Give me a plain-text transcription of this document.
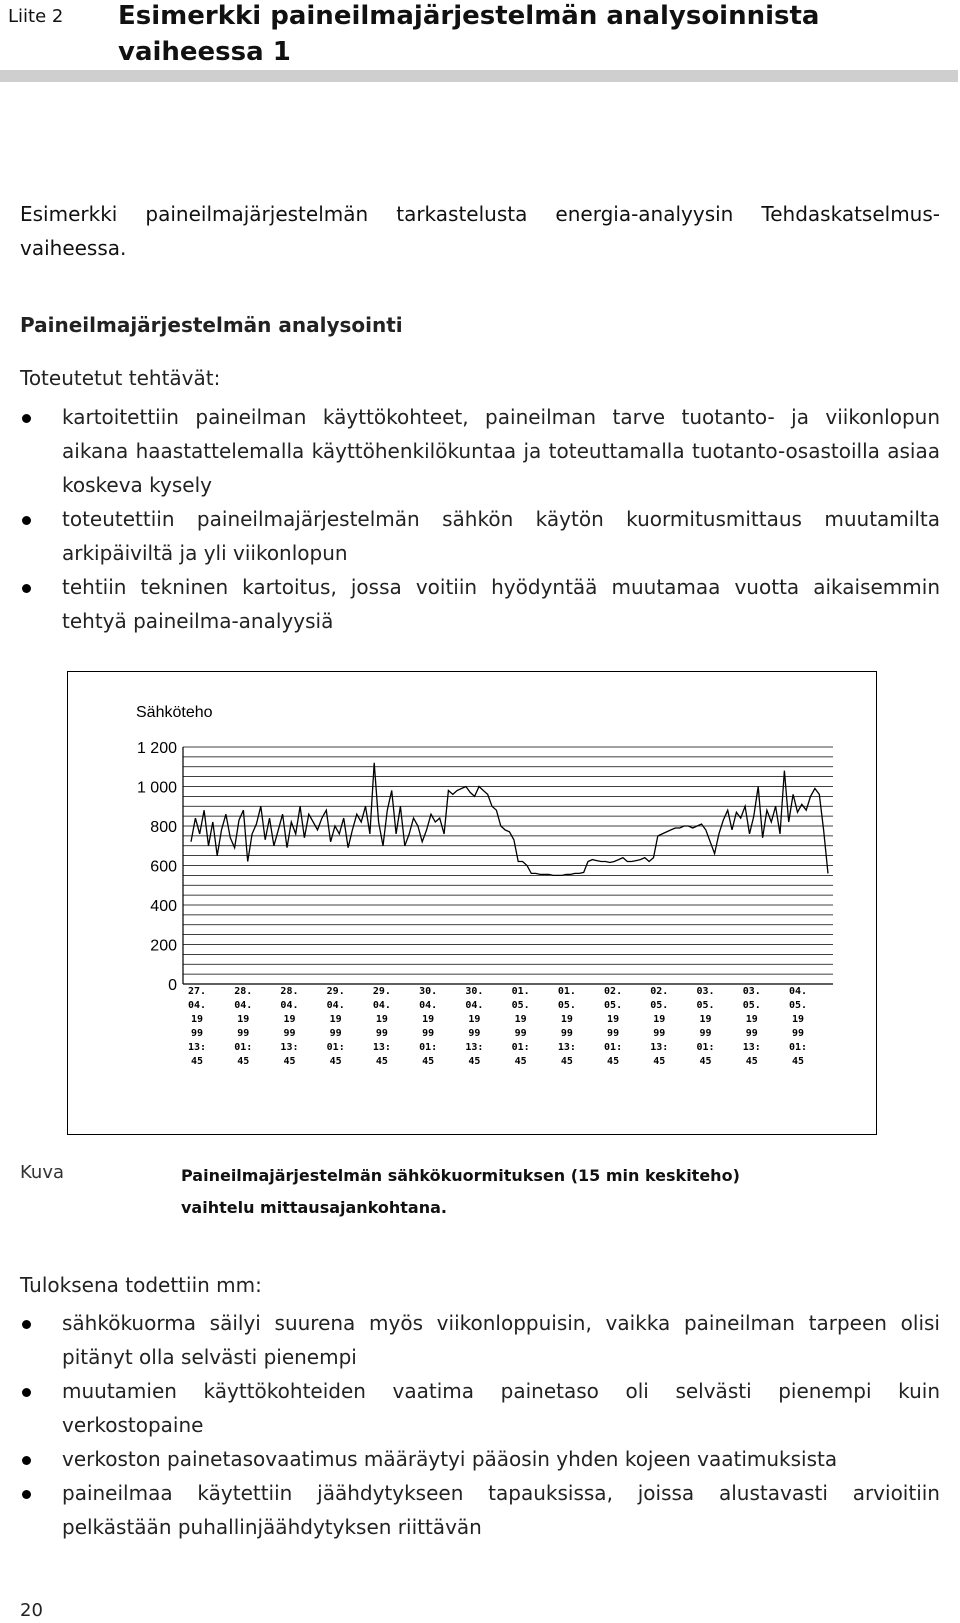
Liite 2 Esimerkki paineilmajärjestelmän analysoinnista vaiheessa 1
Esimerkki paineilmajärjestelmän tarkastelusta energia-analyysin Tehdaskatselmus-vaiheessa.
Paineilmajärjestelmän analysointi
Toteutetut tehtävät:
kartoitettiin paineilman käyttökohteet, paineilman tarve tuotanto- ja viikonlopun aikana haastattelemalla käyttöhenkilökuntaa ja toteuttamalla tuotanto-osastoilla asiaa koskeva kysely
toteutettiin paineilmajärjestelmän sähkön käytön kuormitusmittaus muutamilta arkipäiviltä ja yli viikonlopun
tehtiin tekninen kartoitus, jossa voitiin hyödyntää muutamaa vuotta aikaisemmin tehtyä paineilma-analyysiä
Sähköteho
0
200
400
600
800
1 000
1 200
27.
04.
19
99
13:
45
28.
04.
19
99
01:
45
28.
04.
19
99
13:
45
29.
04.
19
99
01:
45
29.
04.
19
99
13:
45
30.
04.
19
99
01:
45
30.
04.
19
99
13:
45
01.
05.
19
99
01:
45
01.
05.
19
99
13:
45
02.
05.
19
99
01:
45
02.
05.
19
99
13:
45
03.
05.
19
99
01:
45
03.
05.
19
99
13:
45
04.
05.
19
99
01:
45
Kuva	Paineilmajärjestelmän sähkökuormituksen (15 min keskiteho) vaihtelu mittausajankohtana.
Tuloksena todettiin mm:
sähkökuorma säilyi suurena myös viikonloppuisin, vaikka paineilman tarpeen olisi pitänyt olla selvästi pienempi
muutamien käyttökohteiden vaatima painetaso oli selvästi pienempi kuin verkostopaine
verkoston painetasovaatimus määräytyi pääosin yhden kojeen vaatimuksista
paineilmaa käytettiin jäähdytykseen tapauksissa, joissa alustavasti arvioitiin pelkästään puhallinjäähdytyksen riittävän
20
